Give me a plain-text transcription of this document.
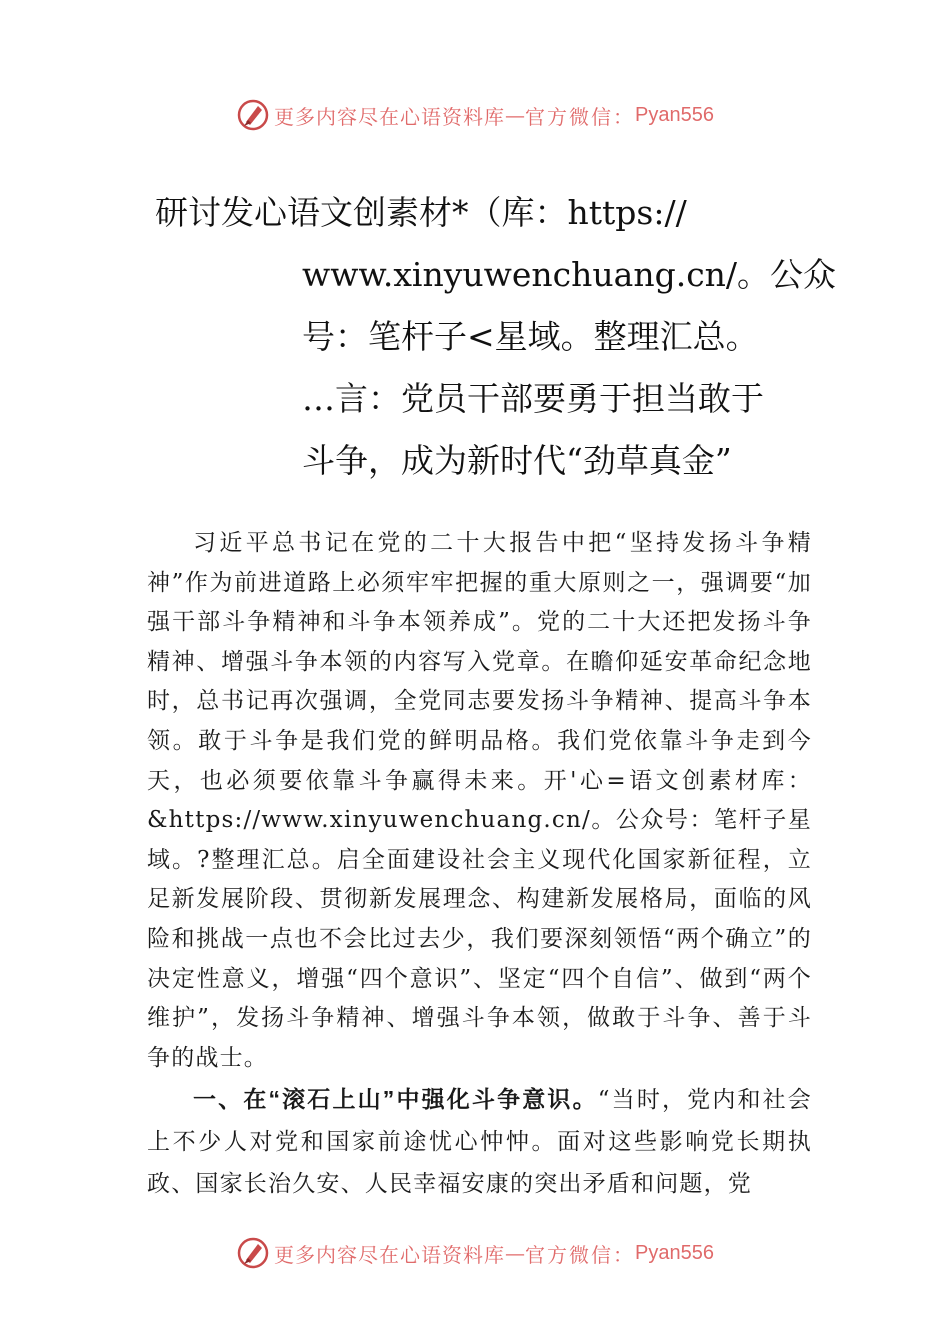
更多内容尽在心语资料库 — 官方微信： Pyan556
研讨发心语文创素材*（库：https://
www.xinyuwenchuang.cn/。公众
号：笔杆子<星域。整理汇总。
…言：党员干部要勇于担当敢于
斗争，成为新时代“劲草真金”

习近平总书记在党的二十大报告中把“坚持发扬斗争精神”作为前进道路上必须牢牢把握的重大原则之一，强调要“加强干部斗争精神和斗争本领养成”。党的二十大还把发扬斗争精神、增强斗争本领的内容写入党章。在瞻仰延安革命纪念地时，总书记再次强调，全党同志要发扬斗争精神、提高斗争本领。敢于斗争是我们党的鲜明品格。我们党依靠斗争走到今天，也必须要依靠斗争赢得未来。开'心=语文创素材库：&https://www.xinyuwenchuang.cn/。公众号：笔杆子星域。?整理汇总。启全面建设社会主义现代化国家新征程，立足新发展阶段、贯彻新发展理念、构建新发展格局，面临的风险和挑战一点也不会比过去少，我们要深刻领悟“两个确立”的决定性意义，增强“四个意识”、坚定“四个自信”、做到“两个维护”，发扬斗争精神、增强斗争本领，做敢于斗争、善于斗争的战士。

一、在“滚石上山”中强化斗争意识。“当时，党内和社会上不少人对党和国家前途忧心忡忡。面对这些影响党长期执政、国家长治久安、人民幸福安康的突出矛盾和问题，党

更多内容尽在心语资料库 — 官方微信： Pyan556
